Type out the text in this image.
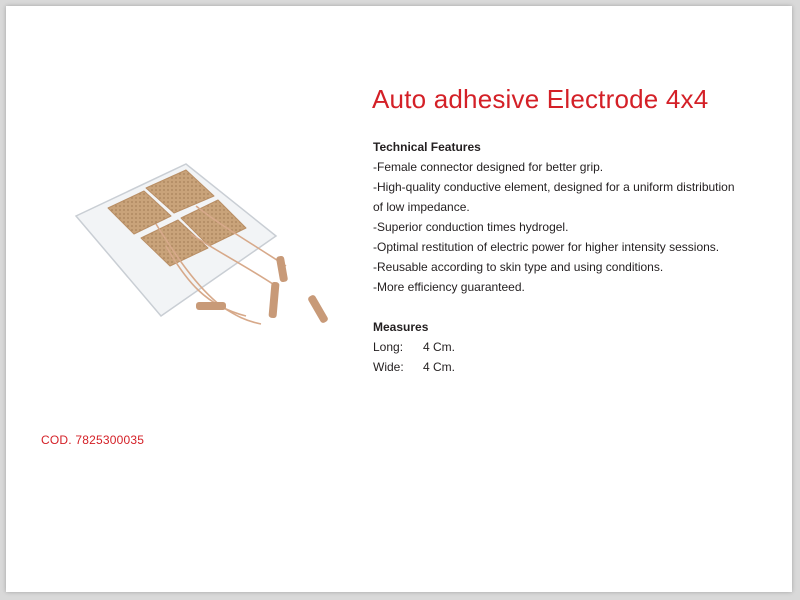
Auto adhesive Electrode 4x4
Technical Features
-Female connector designed for better grip.
-High-quality conductive element, designed for a uniform distribution
of low impedance.
-Superior conduction times hydrogel.
-Optimal restitution of electric power for higher intensity sessions.
-Reusable according to skin type and using conditions.
-More efficiency guaranteed.
Measures
Long:	4 Cm.
Wide:	4 Cm.
COD. 7825300035
